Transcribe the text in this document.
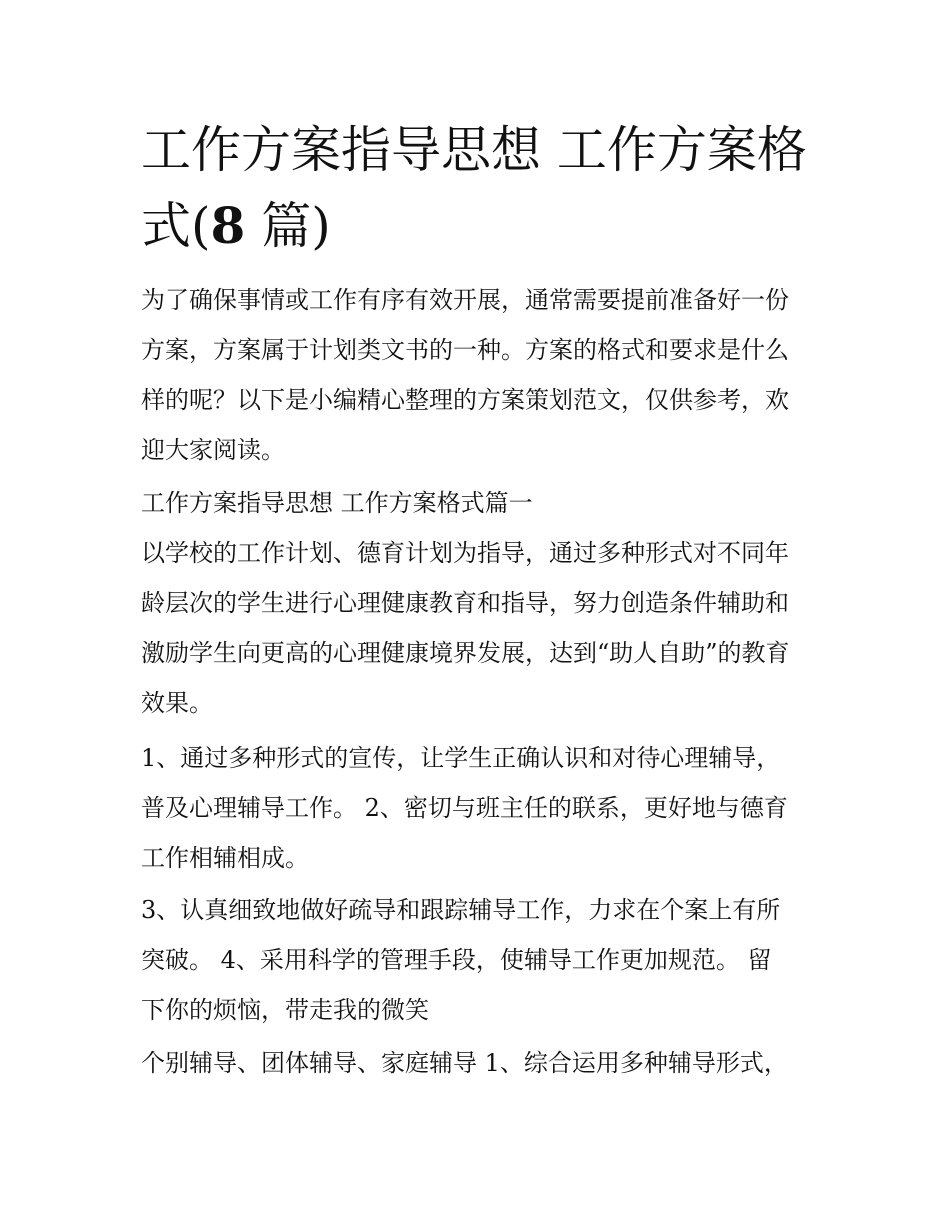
工作方案指导思想 工作方案格
式(8 篇)
为了确保事情或工作有序有效开展，通常需要提前准备好一份
方案，方案属于计划类文书的一种。方案的格式和要求是什么
样的呢？以下是小编精心整理的方案策划范文，仅供参考，欢
迎大家阅读。
工作方案指导思想 工作方案格式篇一
以学校的工作计划、德育计划为指导，通过多种形式对不同年
龄层次的学生进行心理健康教育和指导，努力创造条件辅助和
激励学生向更高的心理健康境界发展，达到“助人自助”的教育
效果。
1、通过多种形式的宣传，让学生正确认识和对待心理辅导，
普及心理辅导工作。 2、密切与班主任的联系，更好地与德育
工作相辅相成。
3、认真细致地做好疏导和跟踪辅导工作，力求在个案上有所
突破。 4、采用科学的管理手段，使辅导工作更加规范。 留
下你的烦恼，带走我的微笑
个别辅导、团体辅导、家庭辅导 1、综合运用多种辅导形式，
